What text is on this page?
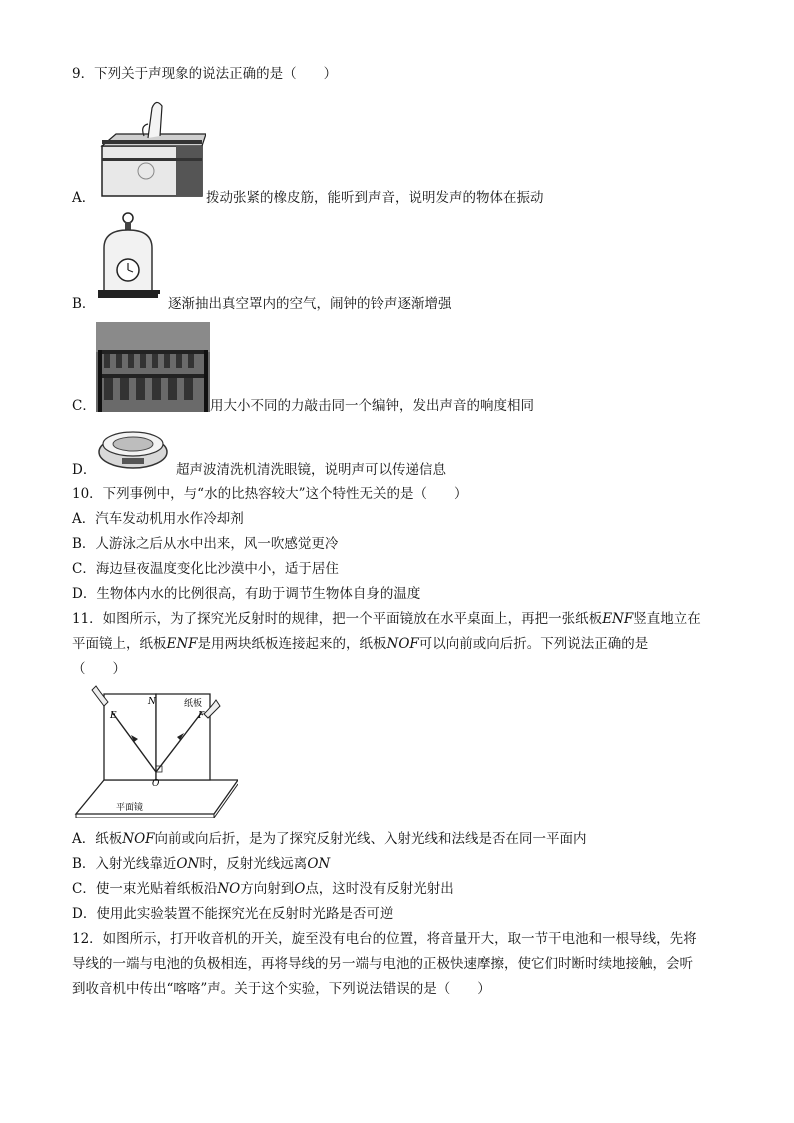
9．下列关于声现象的说法正确的是（　　）
A．	拨动张紧的橡皮筋，能听到声音，说明发声的物体在振动
B．	逐渐抽出真空罩内的空气，闹钟的铃声逐渐增强
C．	用大小不同的力敲击同一个编钟，发出声音的响度相同
D．	超声波清洗机清洗眼镜，说明声可以传递信息
10．下列事例中，与“水的比热容较大”这个特性无关的是（　　）
A．汽车发动机用水作冷却剂
B．人游泳之后从水中出来，风一吹感觉更冷
C．海边昼夜温度变化比沙漠中小，适于居住
D．生物体内水的比例很高，有助于调节生物体自身的温度
11．如图所示，为了探究光反射时的规律，把一个平面镜放在水平桌面上，再把一张纸板ENF竖直地立在
平面镜上，纸板ENF是用两块纸板连接起来的，纸板NOF可以向前或向后折。下列说法正确的是
（　　）
N	纸板
E	F
O
平面镜
A．纸板NOF向前或向后折，是为了探究反射光线、入射光线和法线是否在同一平面内
B．入射光线靠近ON时，反射光线远离ON
C．使一束光贴着纸板沿NO方向射到O点，这时没有反射光射出
D．使用此实验装置不能探究光在反射时光路是否可逆
12．如图所示，打开收音机的开关，旋至没有电台的位置，将音量开大，取一节干电池和一根导线，先将
导线的一端与电池的负极相连，再将导线的另一端与电池的正极快速摩擦，使它们时断时续地接触，会听
到收音机中传出“喀喀”声。关于这个实验，下列说法错误的是（　　）
